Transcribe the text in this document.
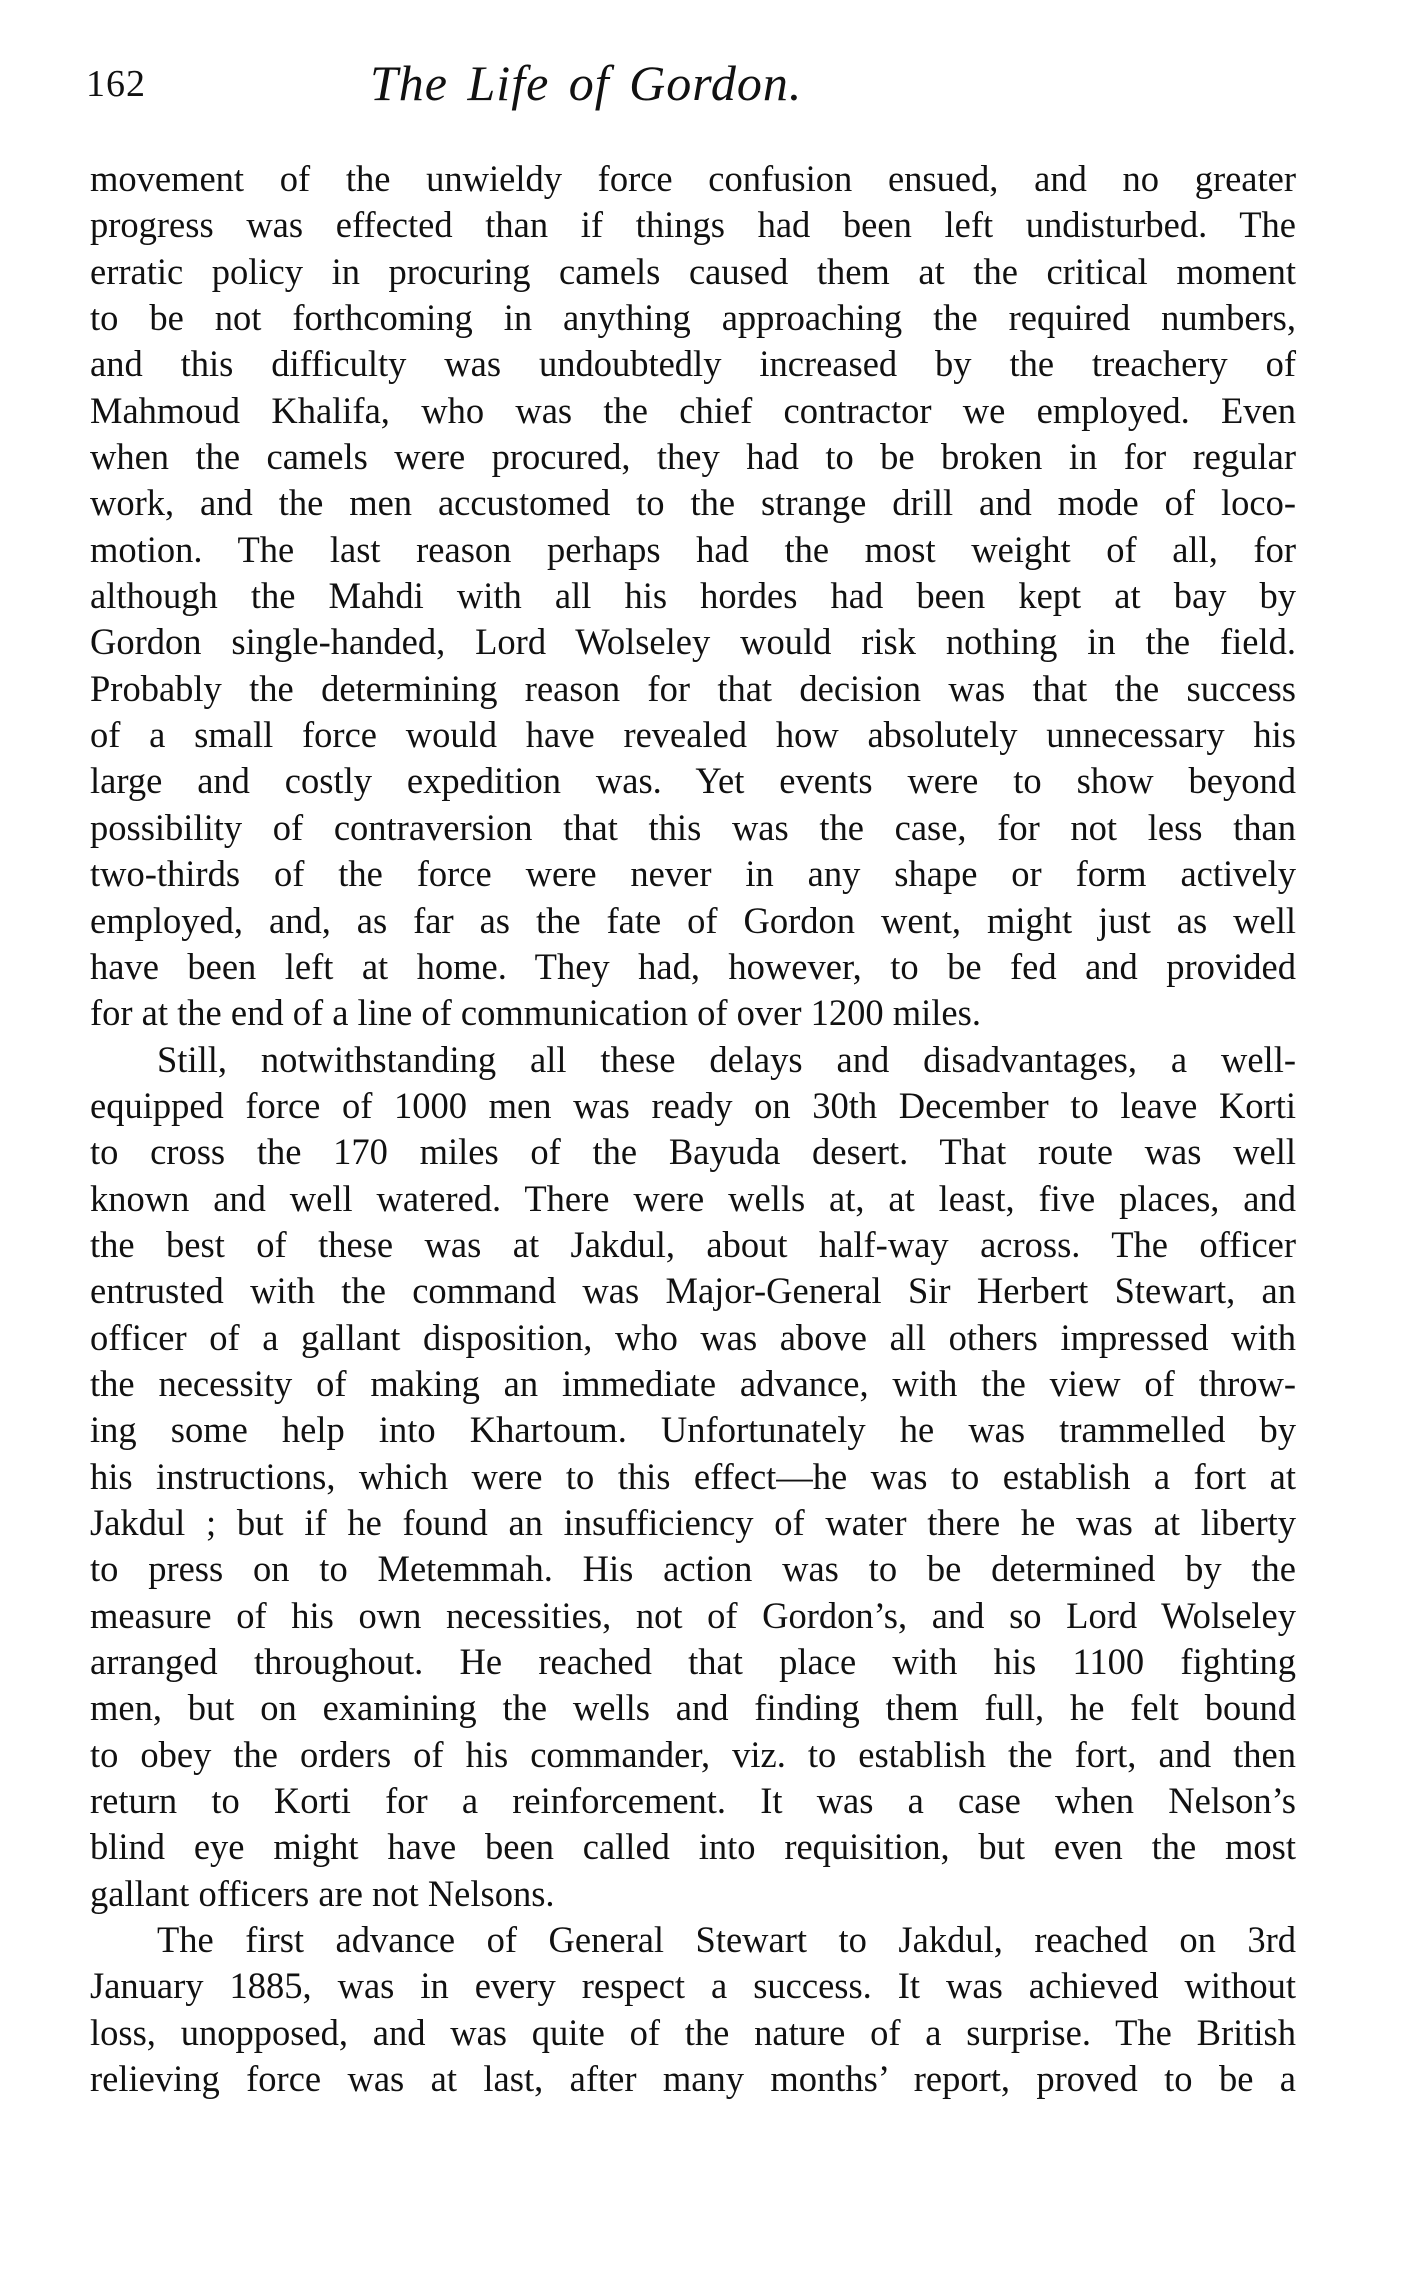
162	The Life of Gordon.
movement of the unwieldy force confusion ensued, and no greater
progress was effected than if things had been left undisturbed. The
erratic policy in procuring camels caused them at the critical moment
to be not forthcoming in anything approaching the required numbers,
and this difficulty was undoubtedly increased by the treachery of
Mahmoud Khalifa, who was the chief contractor we employed. Even
when the camels were procured, they had to be broken in for regular
work, and the men accustomed to the strange drill and mode of loco-
motion. The last reason perhaps had the most weight of all, for
although the Mahdi with all his hordes had been kept at bay by
Gordon single-handed, Lord Wolseley would risk nothing in the field.
Probably the determining reason for that decision was that the success
of a small force would have revealed how absolutely unnecessary his
large and costly expedition was. Yet events were to show beyond
possibility of contraversion that this was the case, for not less than
two-thirds of the force were never in any shape or form actively
employed, and, as far as the fate of Gordon went, might just as well
have been left at home. They had, however, to be fed and provided
for at the end of a line of communication of over 1200 miles.
Still, notwithstanding all these delays and disadvantages, a well-
equipped force of 1000 men was ready on 30th December to leave Korti
to cross the 170 miles of the Bayuda desert. That route was well
known and well watered. There were wells at, at least, five places, and
the best of these was at Jakdul, about half-way across. The officer
entrusted with the command was Major-General Sir Herbert Stewart, an
officer of a gallant disposition, who was above all others impressed with
the necessity of making an immediate advance, with the view of throw-
ing some help into Khartoum. Unfortunately he was trammelled by
his instructions, which were to this effect—he was to establish a fort at
Jakdul ; but if he found an insufficiency of water there he was at liberty
to press on to Metemmah. His action was to be determined by the
measure of his own necessities, not of Gordon’s, and so Lord Wolseley
arranged throughout. He reached that place with his 1100 fighting
men, but on examining the wells and finding them full, he felt bound
to obey the orders of his commander, viz. to establish the fort, and then
return to Korti for a reinforcement. It was a case when Nelson’s
blind eye might have been called into requisition, but even the most
gallant officers are not Nelsons.
The first advance of General Stewart to Jakdul, reached on 3rd
January 1885, was in every respect a success. It was achieved without
loss, unopposed, and was quite of the nature of a surprise. The British
relieving force was at last, after many months’ report, proved to be a
